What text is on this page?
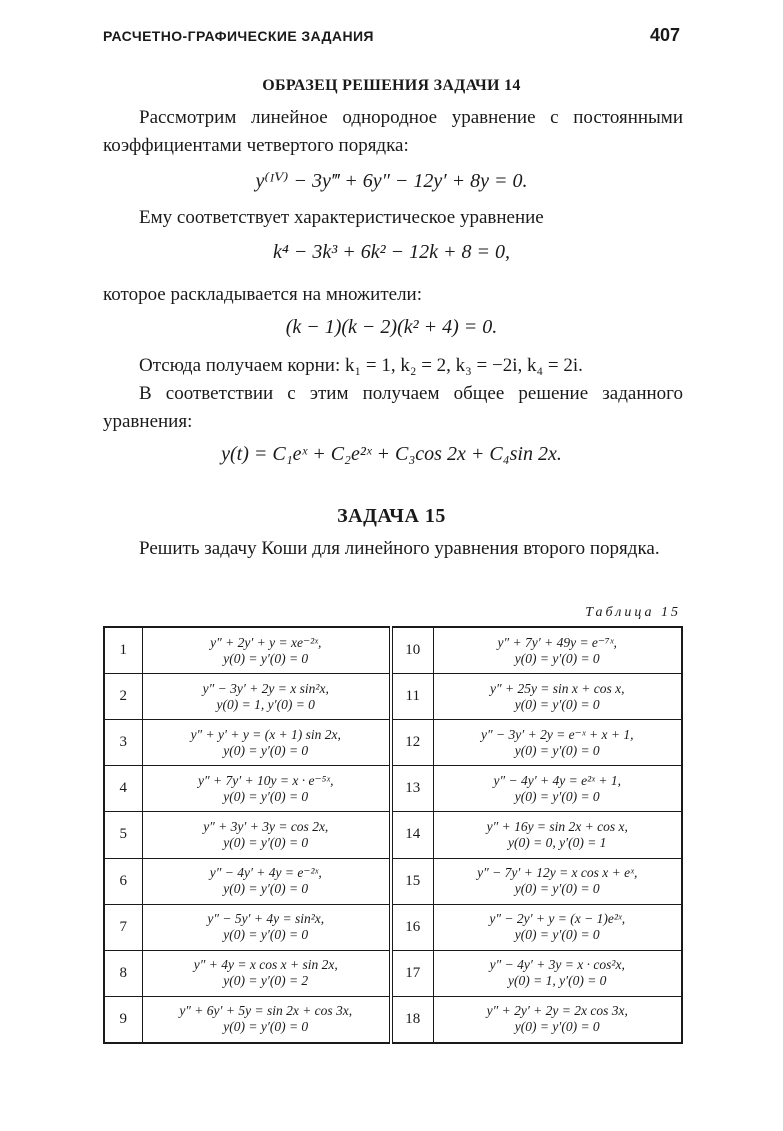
РАСЧЕТНО-ГРАФИЧЕСКИЕ ЗАДАНИЯ	407
ОБРАЗЕЦ РЕШЕНИЯ ЗАДАЧИ 14
Рассмотрим линейное однородное уравнение с постоянными коэффициентами четвертого порядка:
y⁽ᴵⱽ⁾ − 3y‴ + 6y″ − 12y′ + 8y = 0.
Ему соответствует характеристическое уравнение
k⁴ − 3k³ + 6k² − 12k + 8 = 0,
которое раскладывается на множители:
(k − 1)(k − 2)(k² + 4) = 0.
Отсюда получаем корни: k₁ = 1, k₂ = 2, k₃ = −2i, k₄ = 2i.
В соответствии с этим получаем общее решение заданного уравнения:
y(t) = C₁eˣ + C₂e²ˣ + C₃cos 2x + C₄sin 2x.
ЗАДАЧА 15
Решить задачу Коши для линейного уравнения второго порядка.
Таблица 15
1	y″ + 2y′ + y = xe⁻²ˣ,
y(0) = y′(0) = 0	10	y″ + 7y′ + 49y = e⁻⁷ˣ,
y(0) = y′(0) = 0

2	y″ − 3y′ + 2y = x sin²x,
y(0) = 1, y′(0) = 0	11	y″ + 25y = sin x + cos x,
y(0) = y′(0) = 0

3	y″ + y′ + y = (x + 1) sin 2x,
y(0) = y′(0) = 0	12	y″ − 3y′ + 2y = e⁻ˣ + x + 1,
y(0) = y′(0) = 0

4	y″ + 7y′ + 10y = x · e⁻⁵ˣ,
y(0) = y′(0) = 0	13	y″ − 4y′ + 4y = e²ˣ + 1,
y(0) = y′(0) = 0

5	y″ + 3y′ + 3y = cos 2x,
y(0) = y′(0) = 0	14	y″ + 16y = sin 2x + cos x,
y(0) = 0, y′(0) = 1

6	y″ − 4y′ + 4y = e⁻²ˣ,
y(0) = y′(0) = 0	15	y″ − 7y′ + 12y = x cos x + eˣ,
y(0) = y′(0) = 0

7	y″ − 5y′ + 4y = sin²x,
y(0) = y′(0) = 0	16	y″ − 2y′ + y = (x − 1)e²ˣ,
y(0) = y′(0) = 0

8	y″ + 4y = x cos x + sin 2x,
y(0) = y′(0) = 2	17	y″ − 4y′ + 3y = x · cos²x,
y(0) = 1, y′(0) = 0

9	y″ + 6y′ + 5y = sin 2x + cos 3x,
y(0) = y′(0) = 0	18	y″ + 2y′ + 2y = 2x cos 3x,
y(0) = y′(0) = 0
